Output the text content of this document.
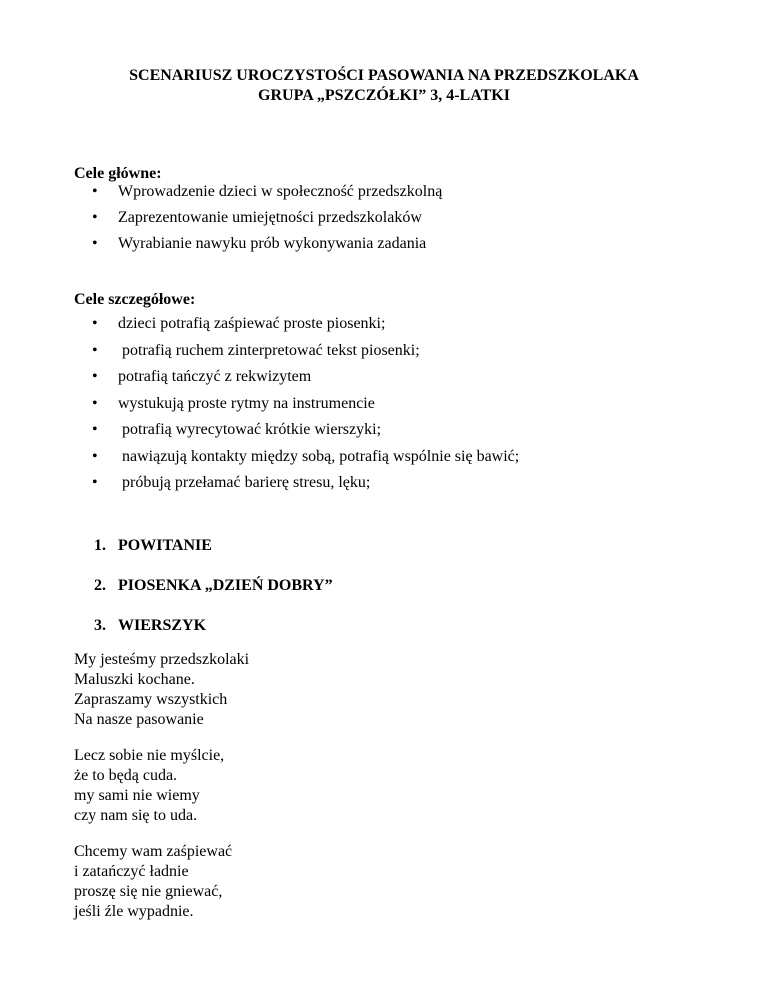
SCENARIUSZ UROCZYSTOŚCI PASOWANIA NA PRZEDSZKOLAKA
GRUPA „PSZCZÓŁKI” 3, 4-LATKI
Cele główne:
• Wprowadzenie dzieci w społeczność przedszkolną
• Zaprezentowanie umiejętności przedszkolaków
• Wyrabianie nawyku prób wykonywania zadania
Cele szczegółowe:
• dzieci potrafią zaśpiewać proste piosenki;
• potrafią ruchem zinterpretować tekst piosenki;
• potrafią tańczyć z rekwizytem
• wystukują proste rytmy na instrumencie
• potrafią wyrecytować krótkie wierszyki;
• nawiązują kontakty między sobą, potrafią wspólnie się bawić;
• próbują przełamać barierę stresu, lęku;
1. POWITANIE
2. PIOSENKA „DZIEŃ DOBRY”
3. WIERSZYK
My jesteśmy przedszkolaki
Maluszki kochane.
Zapraszamy wszystkich
Na nasze pasowanie
Lecz sobie nie myślcie,
że to będą cuda.
my sami nie wiemy
czy nam się to uda.
Chcemy wam zaśpiewać
i zatańczyć ładnie
proszę się nie gniewać,
jeśli źle wypadnie.
